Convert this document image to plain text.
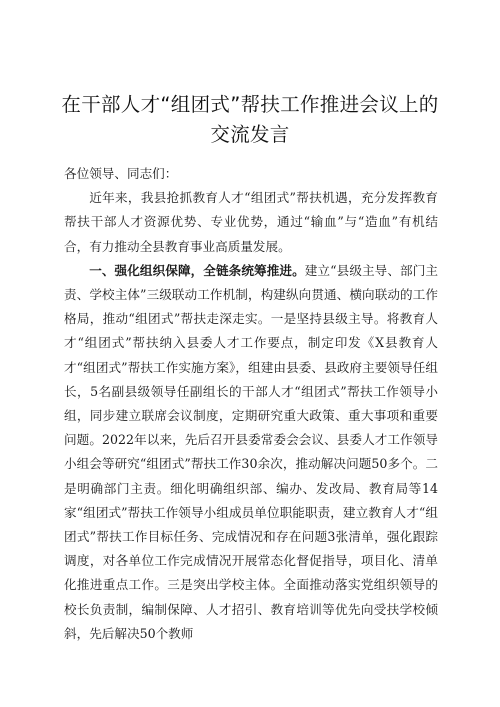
在干部人才“组团式”帮扶工作推进会议上的交流发言

各位领导、同志们：

近年来，我县抢抓教育人才“组团式”帮扶机遇，充分发挥教育帮扶干部人才资源优势、专业优势，通过“输血”与“造血”有机结合，有力推动全县教育事业高质量发展。

一、强化组织保障，全链条统筹推进。建立“县级主导、部门主责、学校主体”三级联动工作机制，构建纵向贯通、横向联动的工作格局，推动“组团式”帮扶走深走实。一是坚持县级主导。将教育人才“组团式”帮扶纳入县委人才工作要点，制定印发《X县教育人才“组团式”帮扶工作实施方案》，组建由县委、县政府主要领导任组长，5名副县级领导任副组长的干部人才“组团式”帮扶工作领导小组，同步建立联席会议制度，定期研究重大政策、重大事项和重要问题。2022年以来，先后召开县委常委会会议、县委人才工作领导小组会等研究“组团式”帮扶工作30余次，推动解决问题50多个。二是明确部门主责。细化明确组织部、编办、发改局、教育局等14家“组团式”帮扶工作领导小组成员单位职能职责，建立教育人才“组团式”帮扶工作目标任务、完成情况和存在问题3张清单，强化跟踪调度，对各单位工作完成情况开展常态化督促指导，项目化、清单化推进重点工作。三是突出学校主体。全面推动落实党组织领导的校长负责制，编制保障、人才招引、教育培训等优先向受扶学校倾斜，先后解决50个教师
